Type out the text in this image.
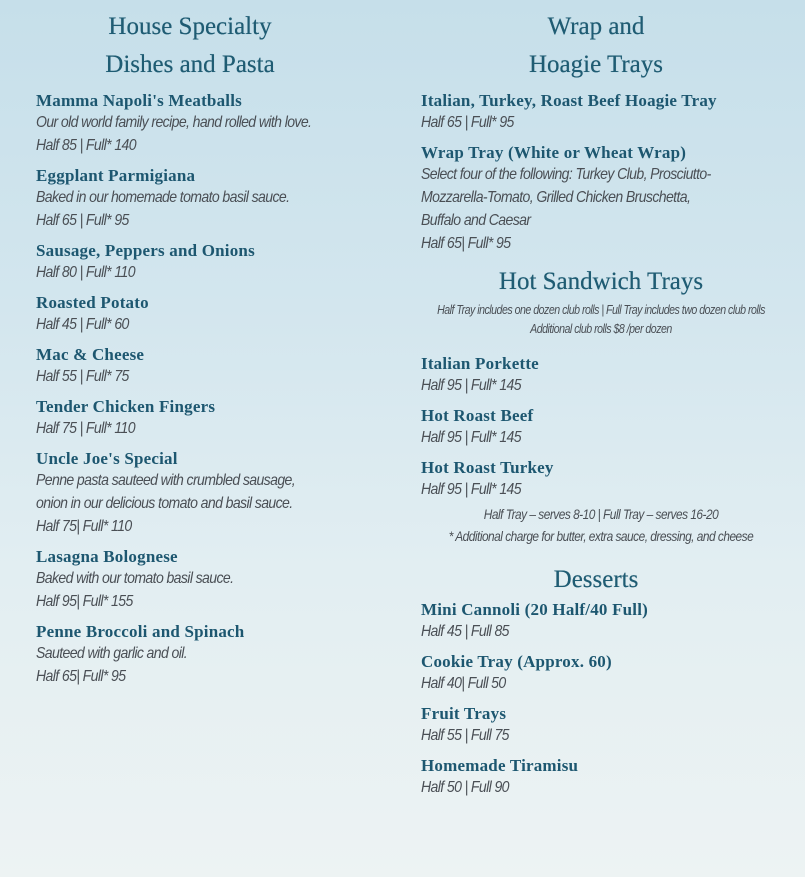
House Specialty
Dishes and Pasta
Mamma Napoli's Meatballs
Our old world family recipe, hand rolled with love.
Half 85 | Full* 140
Eggplant Parmigiana
Baked in our homemade tomato basil sauce.
Half 65 | Full* 95
Sausage, Peppers and Onions
Half 80 | Full* 110
Roasted Potato
Half 45 | Full* 60
Mac & Cheese
Half 55 | Full* 75
Tender Chicken Fingers
Half 75 | Full* 110
Uncle Joe's Special
Penne pasta sauteed with crumbled sausage,
onion in our delicious tomato and basil sauce.
Half 75| Full* 110
Lasagna Bolognese
Baked with our tomato basil sauce.
Half 95| Full* 155
Penne Broccoli and Spinach
Sauteed with garlic and oil.
Half 65| Full* 95
Wrap and
Hoagie Trays
Italian, Turkey, Roast Beef Hoagie Tray
Half 65 | Full* 95
Wrap Tray (White or Wheat Wrap)
Select four of the following: Turkey Club, Prosciutto-
Mozzarella-Tomato, Grilled Chicken Bruschetta,
Buffalo and Caesar
Half 65| Full* 95
Hot Sandwich Trays
Half Tray includes one dozen club rolls | Full Tray includes two dozen club rolls
Additional club rolls $8 /per dozen
Italian Porkette
Half 95 | Full* 145
Hot Roast Beef
Half 95 | Full* 145
Hot Roast Turkey
Half 95 | Full* 145
Half Tray – serves 8-10 | Full Tray – serves 16-20
* Additional charge for butter, extra sauce, dressing, and cheese
Desserts
Mini Cannoli (20 Half/40 Full)
Half 45 | Full 85
Cookie Tray (Approx. 60)
Half 40| Full 50
Fruit Trays
Half 55 | Full 75
Homemade Tiramisu
Half 50 | Full 90
